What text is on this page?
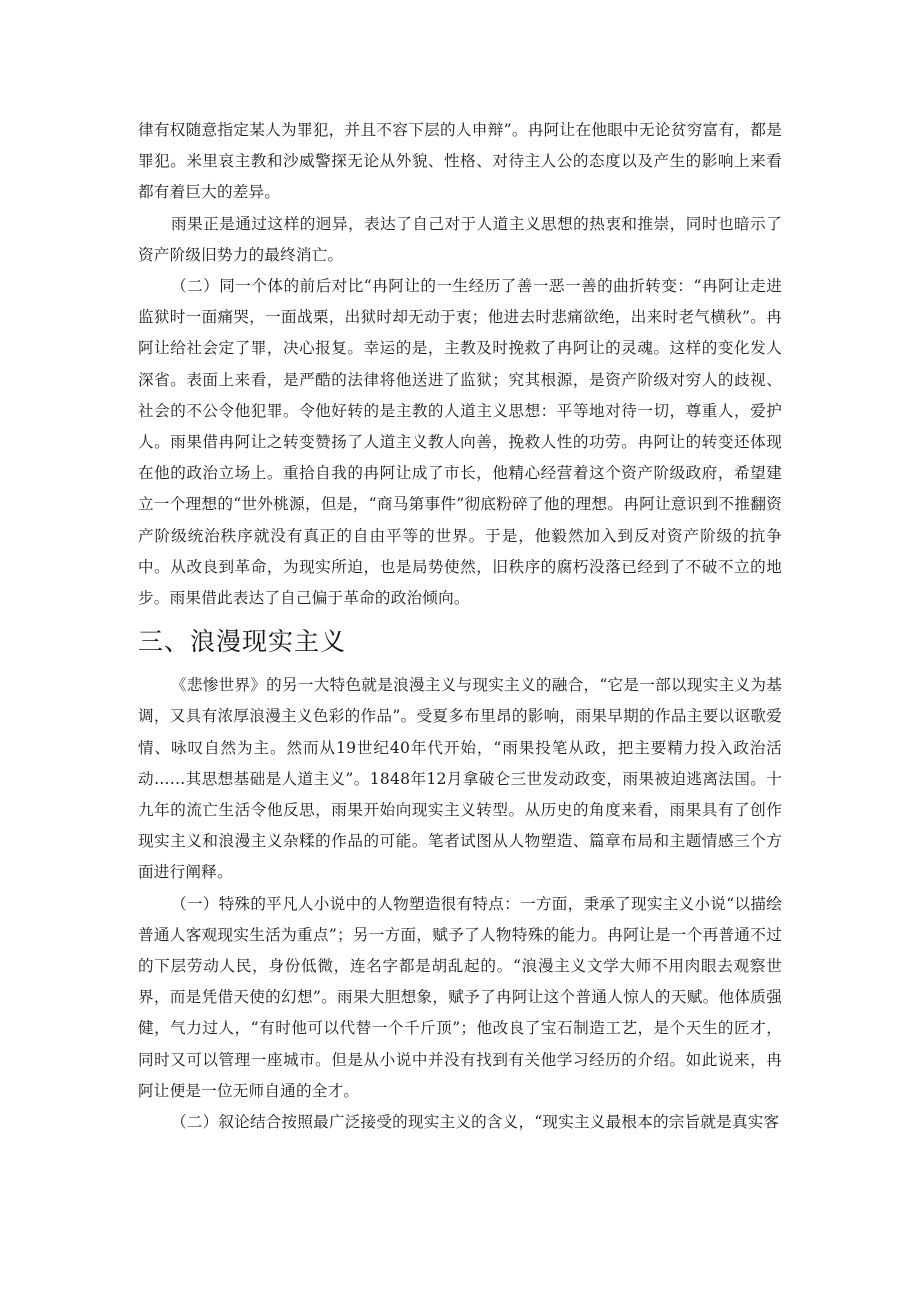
律有权随意指定某人为罪犯，并且不容下层的人申辩”。冉阿让在他眼中无论贫穷富有，都是罪犯。米里哀主教和沙威警探无论从外貌、性格、对待主人公的态度以及产生的影响上来看都有着巨大的差异。

雨果正是通过这样的迥异，表达了自己对于人道主义思想的热衷和推崇，同时也暗示了资产阶级旧势力的最终消亡。

（二）同一个体的前后对比“冉阿让的一生经历了善一恶一善的曲折转变：“冉阿让走进监狱时一面痛哭，一面战栗，出狱时却无动于衷；他进去时悲痛欲绝，出来时老气横秋”。冉阿让给社会定了罪，决心报复。幸运的是，主教及时挽救了冉阿让的灵魂。这样的变化发人深省。表面上来看，是严酷的法律将他送进了监狱；究其根源，是资产阶级对穷人的歧视、社会的不公令他犯罪。令他好转的是主教的人道主义思想：平等地对待一切，尊重人，爱护人。雨果借冉阿让之转变赞扬了人道主义教人向善，挽救人性的功劳。冉阿让的转变还体现在他的政治立场上。重拾自我的冉阿让成了市长，他精心经营着这个资产阶级政府，希望建立一个理想的“世外桃源，但是，“商马第事件”彻底粉碎了他的理想。冉阿让意识到不推翻资产阶级统治秩序就没有真正的自由平等的世界。于是，他毅然加入到反对资产阶级的抗争中。从改良到革命，为现实所迫，也是局势使然，旧秩序的腐朽没落已经到了不破不立的地步。雨果借此表达了自己偏于革命的政治倾向。

三、浪漫现实主义

《悲惨世界》的另一大特色就是浪漫主义与现实主义的融合，“它是一部以现实主义为基调，又具有浓厚浪漫主义色彩的作品”。受夏多布里昂的影响，雨果早期的作品主要以讴歌爱情、咏叹自然为主。然而从19世纪40年代开始，“雨果投笔从政，把主要精力投入政治活动……其思想基础是人道主义”。1848年12月拿破仑三世发动政变，雨果被迫逃离法国。十九年的流亡生活令他反思，雨果开始向现实主义转型。从历史的角度来看，雨果具有了创作现实主义和浪漫主义杂糅的作品的可能。笔者试图从人物塑造、篇章布局和主题情感三个方面进行阐释。

（一）特殊的平凡人小说中的人物塑造很有特点：一方面，秉承了现实主义小说“以描绘普通人客观现实生活为重点”；另一方面，赋予了人物特殊的能力。冉阿让是一个再普通不过的下层劳动人民，身份低微，连名字都是胡乱起的。“浪漫主义文学大师不用肉眼去观察世界，而是凭借天使的幻想”。雨果大胆想象，赋予了冉阿让这个普通人惊人的天赋。他体质强健，气力过人，“有时他可以代替一个千斤顶”；他改良了宝石制造工艺，是个天生的匠才，同时又可以管理一座城市。但是从小说中并没有找到有关他学习经历的介绍。如此说来，冉阿让便是一位无师自通的全才。

（二）叙论结合按照最广泛接受的现实主义的含义，“现实主义最根本的宗旨就是真实客
